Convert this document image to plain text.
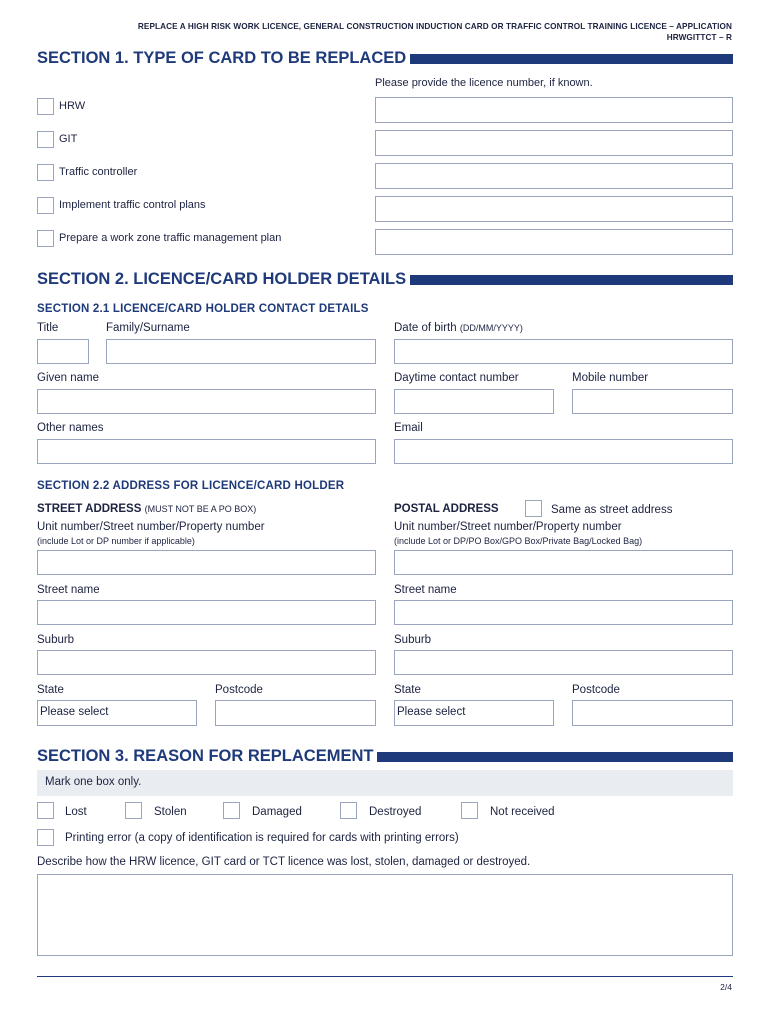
REPLACE A HIGH RISK WORK LICENCE, GENERAL CONSTRUCTION INDUCTION CARD OR TRAFFIC CONTROL TRAINING LICENCE – APPLICATION
HRWGITTCT – R
SECTION 1. TYPE OF CARD TO BE REPLACED
Please provide the licence number, if known.
HRW
GIT
Traffic controller
Implement traffic control plans
Prepare a work zone traffic management plan
SECTION 2. LICENCE/CARD HOLDER DETAILS
SECTION 2.1 LICENCE/CARD HOLDER CONTACT DETAILS
Title	Family/Surname	Date of birth (DD/MM/YYYY)
Given name	Daytime contact number	Mobile number
Other names	Email
SECTION 2.2 ADDRESS FOR LICENCE/CARD HOLDER
STREET ADDRESS (MUST NOT BE A PO BOX)	POSTAL ADDRESS	Same as street address
Unit number/Street number/Property number
(include Lot or DP number if applicable)
Unit number/Street number/Property number
(include Lot or DP/PO Box/GPO Box/Private Bag/Locked Bag)
Street name	Street name
Suburb	Suburb
State	Postcode	State	Postcode
Please select	Please select
SECTION 3. REASON FOR REPLACEMENT
Mark one box only.
Lost	Stolen	Damaged	Destroyed	Not received
Printing error (a copy of identification is required for cards with printing errors)
Describe how the HRW licence, GIT card or TCT licence was lost, stolen, damaged or destroyed.
2/4
